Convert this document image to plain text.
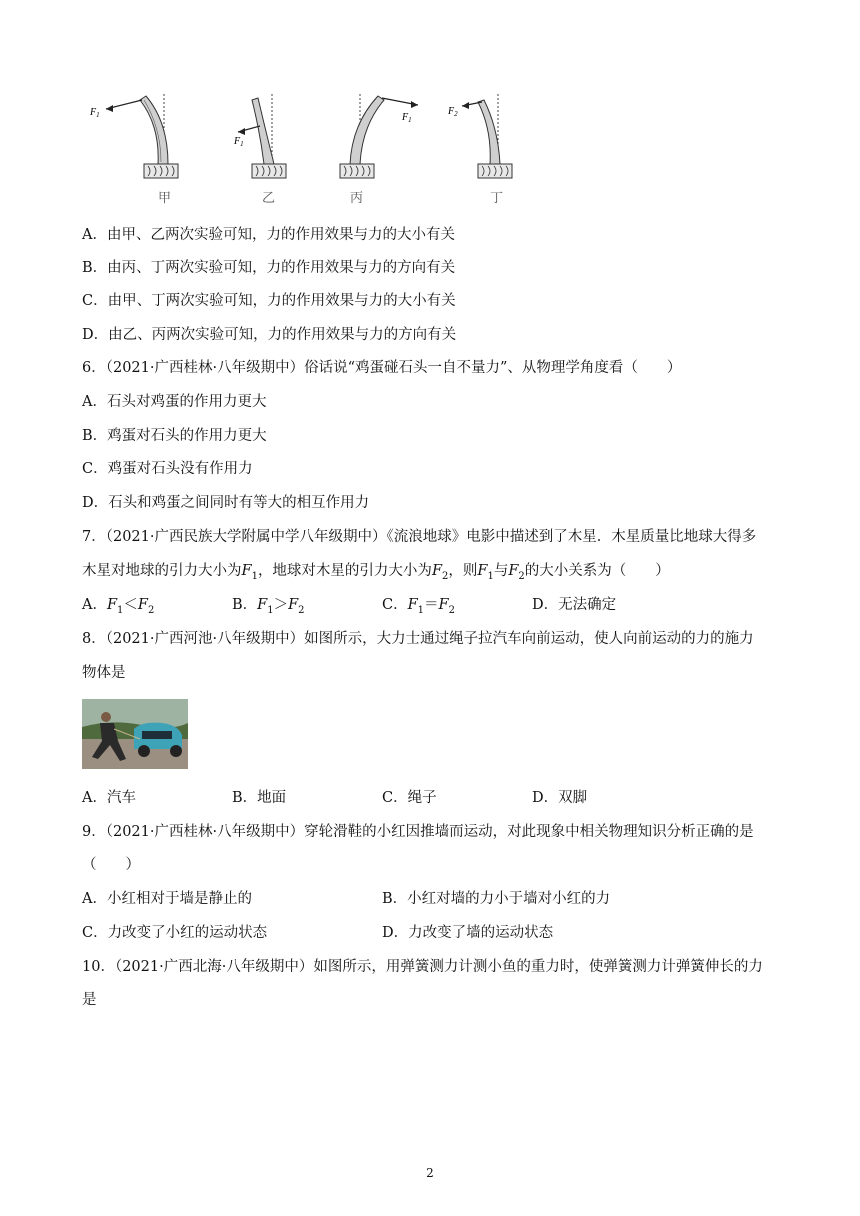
$F_1$
甲
$F_1$
乙
$F_1$
丙
$F_2$
丁
A．由甲、乙两次实验可知，力的作用效果与力的大小有关
B．由丙、丁两次实验可知，力的作用效果与力的方向有关
C．由甲、丁两次实验可知，力的作用效果与力的大小有关
D．由乙、丙两次实验可知，力的作用效果与力的方向有关
6．（2021·广西桂林·八年级期中）俗话说“鸡蛋碰石头一自不量力”、从物理学角度看（　　）
A．石头对鸡蛋的作用力更大
B．鸡蛋对石头的作用力更大
C．鸡蛋对石头没有作用力
D．石头和鸡蛋之间同时有等大的相互作用力
7．（2021·广西民族大学附属中学八年级期中）《流浪地球》电影中描述到了木星．木星质量比地球大得多
木星对地球的引力大小为$F_1$，地球对木星的引力大小为$F_2$，则$F_1$与$F_2$的大小关系为（　　）
A．$F_1<F_2$	B．$F_1>F_2$	C．$F_1=F_2$	D．无法确定
8．（2021·广西河池·八年级期中）如图所示，大力士通过绳子拉汽车向前运动，使人向前运动的力的施力
物体是
A．汽车	B．地面	C．绳子	D．双脚
9．（2021·广西桂林·八年级期中）穿轮滑鞋的小红因推墙而运动，对此现象中相关物理知识分析正确的是
（　　）
A．小红相对于墙是静止的	B．小红对墙的力小于墙对小红的力
C．力改变了小红的运动状态	D．力改变了墙的运动状态
10．（2021·广西北海·八年级期中）如图所示，用弹簧测力计测小鱼的重力时，使弹簧测力计弹簧伸长的力
是
2
